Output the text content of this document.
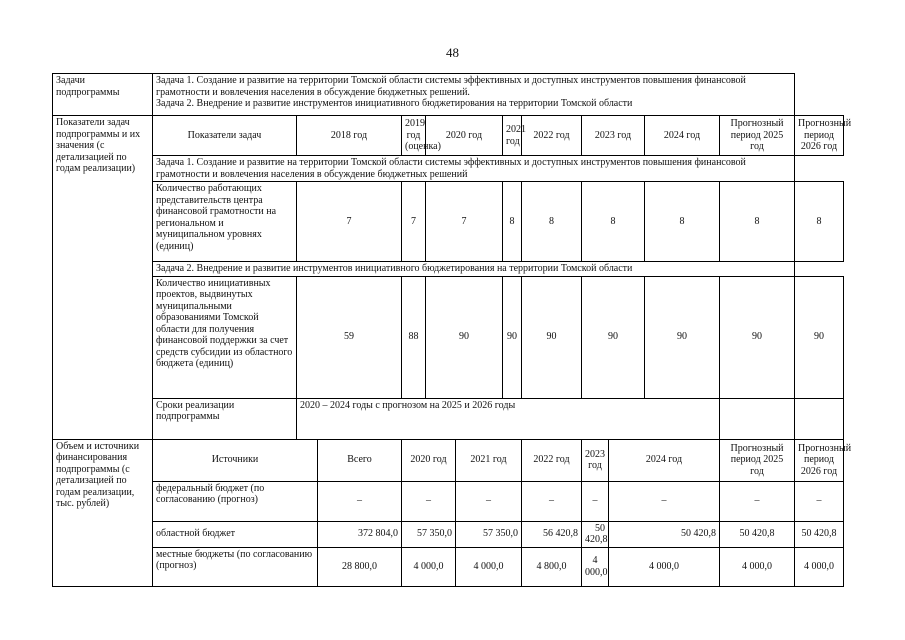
48
Задачи подпрограммы	Задача 1. Создание и развитие на территории Томской области системы эффективных и доступных инструментов повышения финансовой грамотности и вовлечения населения в обсуждение бюджетных решений.
Задача 2. Внедрение и развитие инструментов инициативного бюджетирования на территории Томской области												

Показатели задач подпрограммы и их значения (с детализацией по годам реализации)	Показатели задач	2018 год		2019 год (оценка)	2020 год		2021 год	2022 год	2023 год		2024 год	Прогнозный период 2025 год	Прогнозный период 2026 год
	Задача 1. Создание и развитие на территории Томской области системы эффективных и доступных инструментов повышения финансовой грамотности и вовлечения населения в обсуждение бюджетных решений												
	Количество работающих представительств центра финансовой грамотности на региональном и муниципальном уровнях (единиц)	7		7	7		8	8	8		8	8	8
	Задача 2. Внедрение и развитие инструментов инициативного бюджетирования на территории Томской области												
	Количество инициативных проектов, выдвинутых муниципальными образованиями Томской области для получения финансовой поддержки за счет средств субсидии из областного бюджета (единиц)	59		88	90		90	90	90		90	90	90
	Сроки реализации подпрограммы	2020 – 2024 годы с прогнозом на 2025 и 2026 годы											
Объем и источники финансирования подпрограммы (с детализацией по годам реализации, тыс. рублей)	Источники		Всего	2020 год		2021 год		2022 год	2023 год	2024 год		Прогнозный период 2025 год	Прогнозный период 2026 год
	федеральный бюджет (по согласованию (прогноз)		–	–		–		–	–	–		–	–
	областной бюджет		372 804,0	57 350,0		57 350,0		56 420,8	50 420,8	50 420,8		50 420,8	50 420,8
	местные бюджеты (по согласованию (прогноз)		28 800,0	4 000,0		4 000,0		4 800,0	4 000,0	4 000,0		4 000,0	4 000,0
